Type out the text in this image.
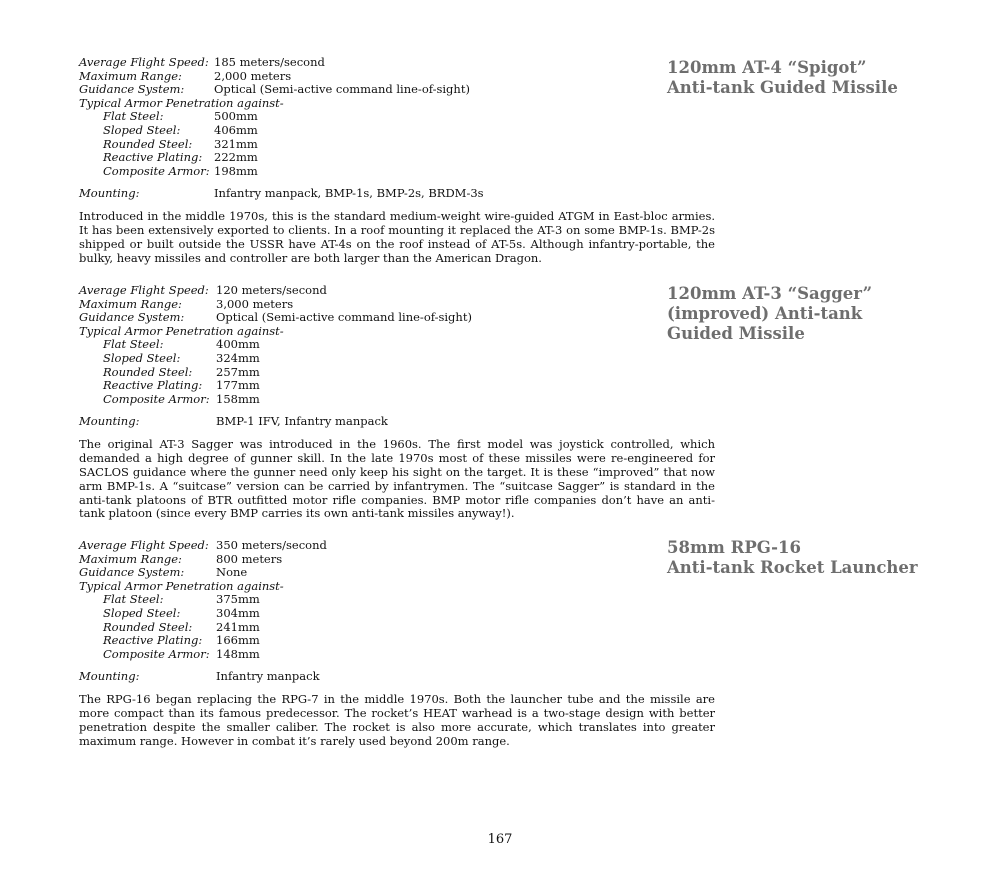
Average Flight Speed: 185 meters/second
Maximum Range:	2,000 meters
Guidance System:	Optical (Semi-active command line-of-sight)
Typical Armor Penetration against-
Flat Steel:	500mm
Sloped Steel:	406mm
Rounded Steel: 321mm
Reactive Plating: 222mm
Composite Armor: 198mm
Mounting:	Infantry manpack, BMP-1s, BMP-2s, BRDM-3s

Introduced in the middle 1970s, this is the standard medium-weight wire-guided ATGM in East-bloc armies. It has been extensively exported to clients. In a roof mounting it replaced the AT-3 on some BMP-1s. BMP-2s shipped or built outside the USSR have AT-4s on the roof instead of AT-5s. Although infantry-portable, the bulky, heavy missiles and controller are both larger than the American Dragon.

120mm AT-4 “Spigot”
Anti-tank Guided Missile
Average Flight Speed: 120 meters/second
Maximum Range:	3,000 meters
Guidance System:	Optical (Semi-active command line-of-sight)
Typical Armor Penetration against-
Flat Steel:	400mm
Sloped Steel:	324mm
Rounded Steel: 257mm
Reactive Plating: 177mm
Composite Armor: 158mm
Mounting:	BMP-1 IFV, Infantry manpack

The original AT-3 Sagger was introduced in the 1960s. The first model was joystick controlled, which demanded a high degree of gunner skill. In the late 1970s most of these missiles were re-engineered for SACLOS guidance where the gunner need only keep his sight on the target. It is these “improved” that now arm BMP-1s. A “suitcase” version can be carried by infantrymen. The “suitcase Sagger” is standard in the anti-tank platoons of BTR outfitted motor rifle companies. BMP motor rifle companies don’t have an anti-tank platoon (since every BMP carries its own anti-tank missiles anyway!).

120mm AT-3 “Sagger”
(improved) Anti-tank
Guided Missile
Average Flight Speed: 350 meters/second
Maximum Range:	800 meters
Guidance System:	None
Typical Armor Penetration against-
Flat Steel:	375mm
Sloped Steel:	304mm
Rounded Steel: 241mm
Reactive Plating: 166mm
Composite Armor: 148mm
Mounting:	Infantry manpack

The RPG-16 began replacing the RPG-7 in the middle 1970s. Both the launcher tube and the missile are more compact than its famous predecessor. The rocket’s HEAT warhead is a two-stage design with better penetration despite the smaller caliber. The rocket is also more accurate, which translates into greater maximum range. However in combat it’s rarely used beyond 200m range.

58mm RPG-16
Anti-tank Rocket Launcher
167
